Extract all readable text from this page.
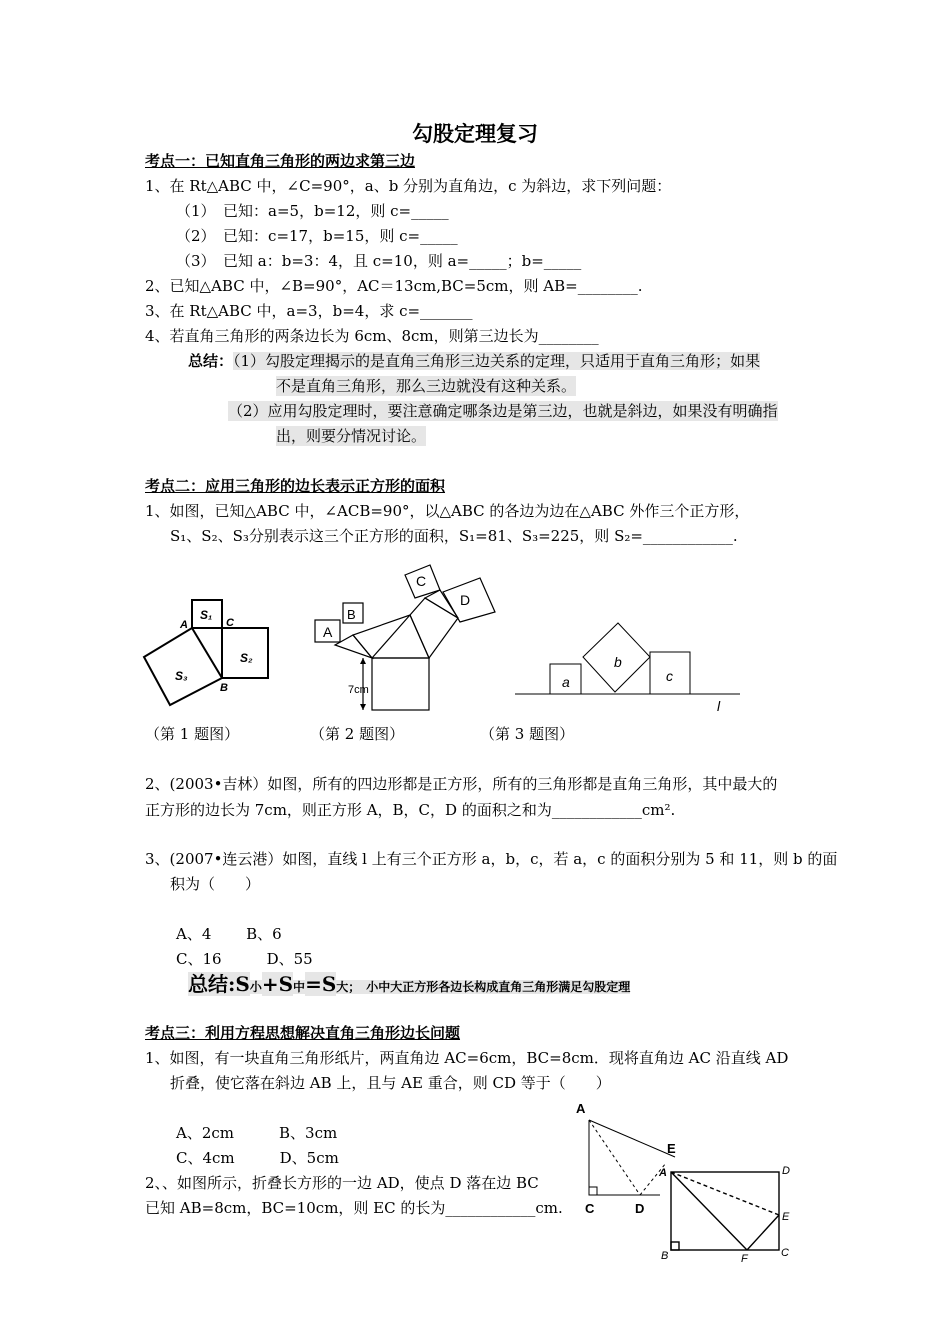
勾股定理复习
考点一：已知直角三角形的两边求第三边
1、在 Rt△ABC 中，∠C=90°，a、b 分别为直角边，c 为斜边，求下列问题：
（1）　已知：a=5，b=12，则 c=_____
（2）　已知：c=17，b=15，则 c=_____
（3）　已知 a：b=3：4，且 c=10，则 a=_____；b=_____
2、已知△ABC 中，∠B=90°，AC＝13cm,BC=5cm，则 AB=________.
3、在 Rt△ABC 中，a=3，b=4，求 c=_______
4、若直角三角形的两条边长为 6cm、8cm，则第三边长为________
总结：（1）勾股定理揭示的是直角三角形三边关系的定理，只适用于直角三角形；如果
不是直角三角形，那么三边就没有这种关系。
（2）应用勾股定理时，要注意确定哪条边是第三边，也就是斜边，如果没有明确指
出，则要分情况讨论。
考点二：应用三角形的边长表示正方形的面积
1、如图，已知△ABC 中，∠ACB=90°，以△ABC 的各边为边在△ABC 外作三个正方形，
S₁、S₂、S₃分别表示这三个正方形的面积，S₁=81、S₃=225，则 S₂=____________.
S₁
S₂
S₃
A	C
B
A
B
C
D
7cm	a
b
c
l
（第 1 题图）	（第 2 题图）	（第 3 题图）
2、(2003•吉林）如图，所有的四边形都是正方形，所有的三角形都是直角三角形，其中最大的
正方形的边长为 7cm，则正方形 A，B，C，D 的面积之和为____________cm².
3、(2007•连云港）如图，直线 l 上有三个正方形 a，b，c，若 a，c 的面积分别为 5 和 11，则 b 的面
积为（　　）
A、4　　 B、6
C、16　　　D、55
总结:S小+S中=S大；　小中大正方形各边长构成直角三角形满足勾股定理
考点三：利用方程思想解决直角三角形边长问题
1、如图，有一块直角三角形纸片，两直角边 AC=6cm，BC=8cm．现将直角边 AC 沿直线 AD
折叠，使它落在斜边 AB 上，且与 AE 重合，则 CD 等于（　　）
A、2cm　　　B、3cm
C、4cm　　　D、5cm
2、、如图所示，折叠长方形的一边 AD，使点 D 落在边 BC
已知 AB=8cm，BC=10cm，则 EC 的长为____________cm.
A
C	D
E
A	D
E
B	F	C
